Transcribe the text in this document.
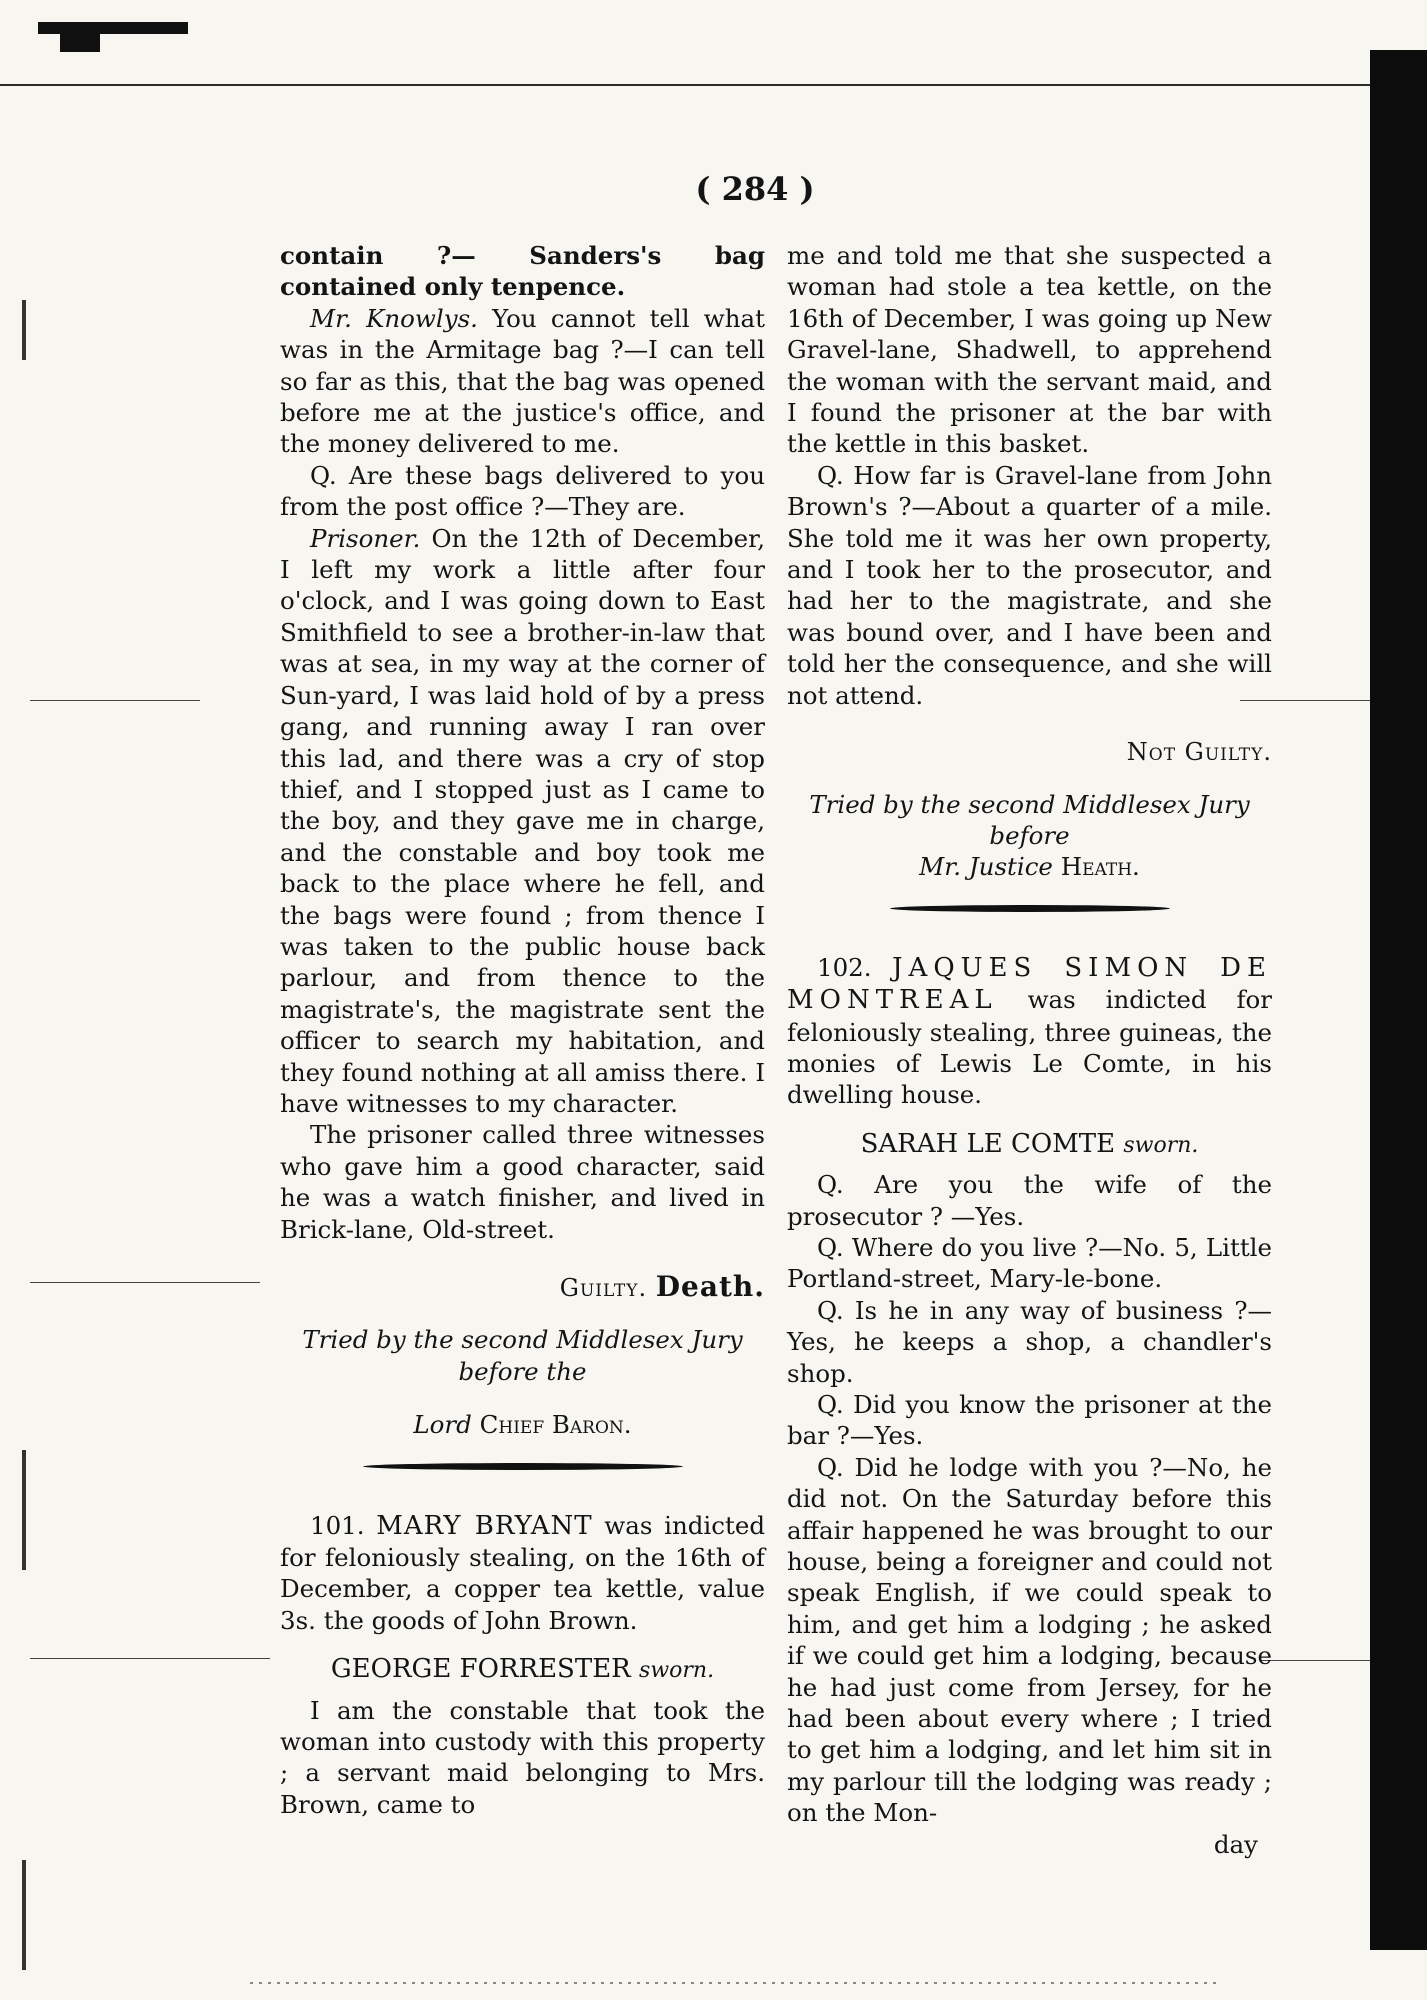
( 284 )

contain ?— Sanders's bag contained only tenpence.

Mr. Knowlys. You cannot tell what was in the Armitage bag ?—I can tell so far as this, that the bag was opened before me at the justice's office, and the money delivered to me.

Q. Are these bags delivered to you from the post office ?—They are.

Prisoner. On the 12th of December, I left my work a little after four o'clock, and I was going down to East Smithfield to see a brother-in-law that was at sea, in my way at the corner of Sun-yard, I was laid hold of by a press gang, and running away I ran over this lad, and there was a cry of stop thief, and I stopped just as I came to the boy, and they gave me in charge, and the constable and boy took me back to the place where he fell, and the bags were found ; from thence I was taken to the public house back parlour, and from thence to the magistrate's, the magistrate sent the officer to search my habitation, and they found nothing at all amiss there. I have witnesses to my character.

The prisoner called three witnesses who gave him a good character, said he was a watch finisher, and lived in Brick-lane, Old-street.

Guilty. Death.
Tried by the second Middlesex Jury before the
Lord Chief Baron.

101. MARY BRYANT was indicted for feloniously stealing, on the 16th of December, a copper tea kettle, value 3s. the goods of John Brown.

GEORGE FORRESTER sworn.

I am the constable that took the woman into custody with this property ; a servant maid belonging to Mrs. Brown, came to

me and told me that she suspected a woman had stole a tea kettle, on the 16th of December, I was going up New Gravel-lane, Shadwell, to apprehend the woman with the servant maid, and I found the prisoner at the bar with the kettle in this basket.

Q. How far is Gravel-lane from John Brown's ?—About a quarter of a mile. She told me it was her own property, and I took her to the prosecutor, and had her to the magistrate, and she was bound over, and I have been and told her the consequence, and she will not attend.

Not Guilty.
Tried by the second Middlesex Jury before
Mr. Justice Heath.

102. JAQUES SIMON DE MONTREAL was indicted for feloniously stealing, three guineas, the monies of Lewis Le Comte, in his dwelling house.

SARAH LE COMTE sworn.

Q. Are you the wife of the prosecutor ? —Yes.

Q. Where do you live ?—No. 5, Little Portland-street, Mary-le-bone.

Q. Is he in any way of business ?— Yes, he keeps a shop, a chandler's shop.

Q. Did you know the prisoner at the bar ?—Yes.

Q. Did he lodge with you ?—No, he did not. On the Saturday before this affair happened he was brought to our house, being a foreigner and could not speak English, if we could speak to him, and get him a lodging ; he asked if we could get him a lodging, because he had just come from Jersey, for he had been about every where ; I tried to get him a lodging, and let him sit in my parlour till the lodging was ready ; on the Mon-

day
